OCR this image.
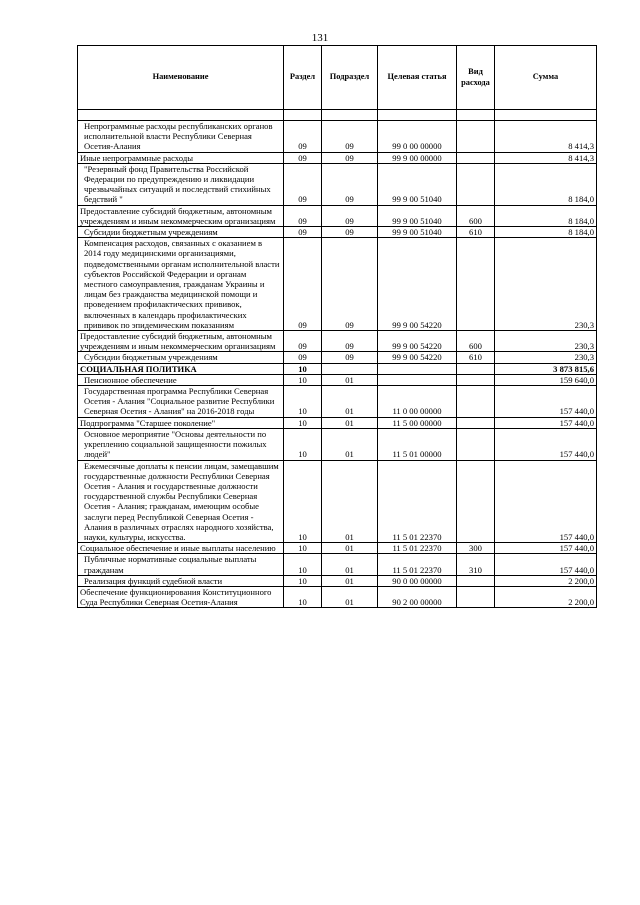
131
Наименование	Раздел	Подраздел	Целевая статья	Вид расхода	Сумма

Непрограммные расходы республиканских органов исполнительной власти Республики Северная Осетия-Алания	09	09	99 0 00 00000		8 414,3
Иные непрограммные расходы	09	09	99 9 00 00000		8 414,3
"Резервный фонд Правительства Российской Федерации по предупреждению и ликвидации чрезвычайных ситуаций и последствий стихийных бедствий "	09	09	99 9 00 51040		8 184,0
Предоставление субсидий бюджетным, автономным учреждениям и иным некоммерческим организациям	09	09	99 9 00 51040	600	8 184,0
Субсидии бюджетным учреждениям	09	09	99 9 00 51040	610	8 184,0
Компенсация расходов, связанных с оказанием в 2014 году медицинскими организациями, подведомственными органам исполнительной власти субъектов Российской Федерации и органам местного самоуправления, гражданам Украины и лицам без гражданства медицинской помощи и проведением профилактических прививок, включенных в календарь профилактических прививок по эпидемическим показаниям	09	09	99 9 00 54220		230,3
Предоставление субсидий бюджетным, автономным учреждениям и иным некоммерческим организациям	09	09	99 9 00 54220	600	230,3
Субсидии бюджетным учреждениям	09	09	99 9 00 54220	610	230,3
СОЦИАЛЬНАЯ ПОЛИТИКА	10				3 873 815,6
Пенсионное обеспечение	10	01			159 640,0
Государственная программа Республики Северная Осетия - Алания "Социальное развитие Республики Северная Осетия - Алания" на 2016-2018 годы	10	01	11 0 00 00000		157 440,0
Подпрограмма "Старшее поколение"	10	01	11 5 00 00000		157 440,0
Основное мероприятие "Основы деятельности по укреплению социальной защищенности пожилых людей"	10	01	11 5 01 00000		157 440,0
Ежемесячные доплаты к пенсии лицам, замещавшим государственные должности Республики Северная Осетия - Алания и государственные должности государственной службы Республики Северная Осетия - Алания; гражданам, имеющим особые заслуги перед Республикой Северная Осетия - Алания в различных отраслях народного хозяйства, науки, культуры, искусства.	10	01	11 5 01 22370		157 440,0
Социальное обеспечение и иные выплаты населению	10	01	11 5 01 22370	300	157 440,0
Публичные нормативные социальные выплаты гражданам	10	01	11 5 01 22370	310	157 440,0
Реализация функций судебной власти	10	01	90 0 00 00000		2 200,0
Обеспечение функционирования Конституционного Суда Республики Северная Осетия-Алания	10	01	90 2 00 00000		2 200,0
